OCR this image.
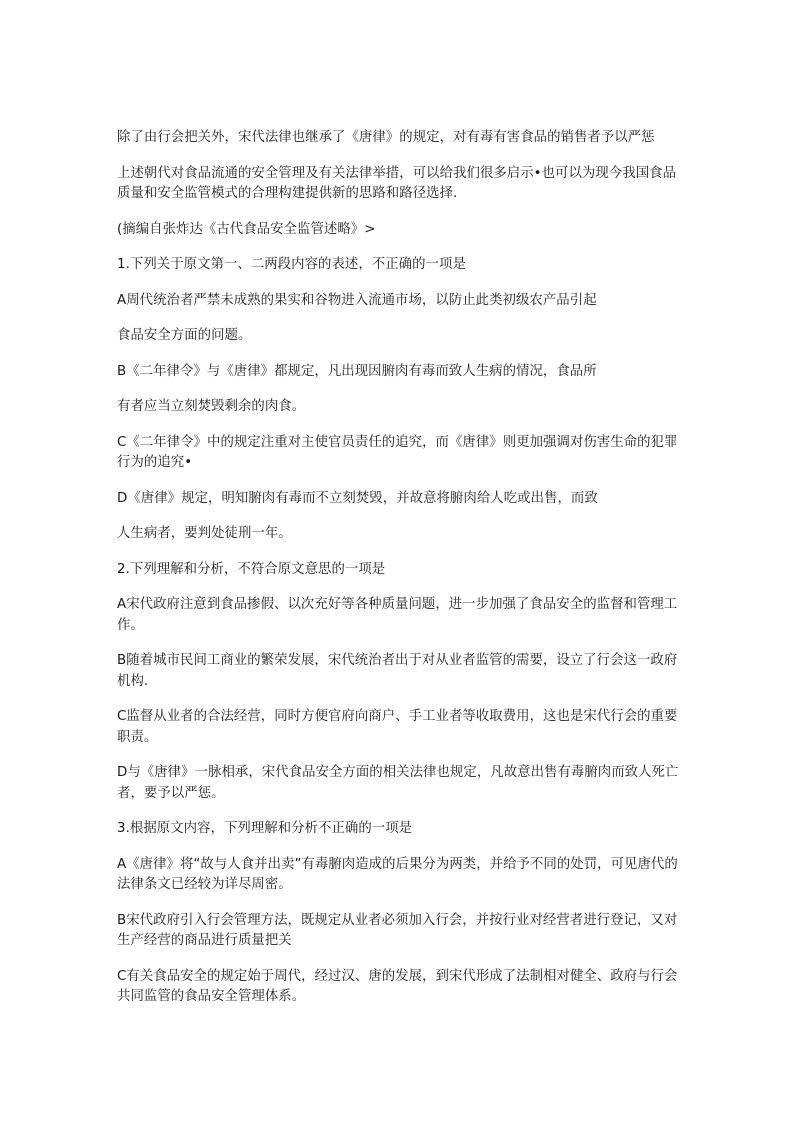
除了由行会把关外，宋代法律也继承了《唐律》的规定，对有毒有害食品的销售者予以严惩

上述朝代对食品流通的安全管理及有关法律举措，可以给我们很多启示•也可以为现今我国食品质量和安全监管模式的合理构建提供新的思路和路径选择.

(摘编自张炸达《古代食品安全监管述略》>

1.下列关于原文第一、二两段内容的表述，不正确的一项是

A周代统治者严禁未成熟的果实和谷物进入流通市场，以防止此类初级农产品引起

食品安全方面的问题。

B《二年律令》与《唐律》都规定，凡出现因腑肉有毒而致人生病的情况，食品所

有者应当立刻焚毁剩余的肉食。

C《二年律令》中的规定注重对主使官员责任的追究，而《唐律》则更加强调对伤害生命的犯罪行为的追究•

D《唐律》规定，明知腑肉有毒而不立刻焚毁，并故意将腑肉给人吃或出售，而致

人生病者，要判处徒刑一年。

2.下列理解和分析，不符合原文意思的一项是

A宋代政府注意到食品掺假、以次充好等各种质量问题，进一步加强了食品安全的监督和管理工作。

B随着城市民间工商业的繁荣发展，宋代统治者出于对从业者监管的需要，设立了行会这一政府机构.

C监督从业者的合法经营，同时方便官府向商户、手工业者等收取费用，这也是宋代行会的重要职责。

D与《唐律》一脉相承，宋代食品安全方面的相关法律也规定，凡故意出售有毒腑肉而致人死亡者，要予以严惩。

3.根据原文内容，下列理解和分析不正确的一项是

A《唐律》将“故与人食并出卖”有毒腑肉造成的后果分为两类，并给予不同的处罚，可见唐代的法律条文已经较为详尽周密。

B宋代政府引入行会管理方法，既规定从业者必须加入行会，并按行业对经营者进行登记，又对生产经营的商品进行质量把关

C有关食品安全的规定始于周代，经过汉、唐的发展，到宋代形成了法制相对健全、政府与行会共同监管的食品安全管理体系。
